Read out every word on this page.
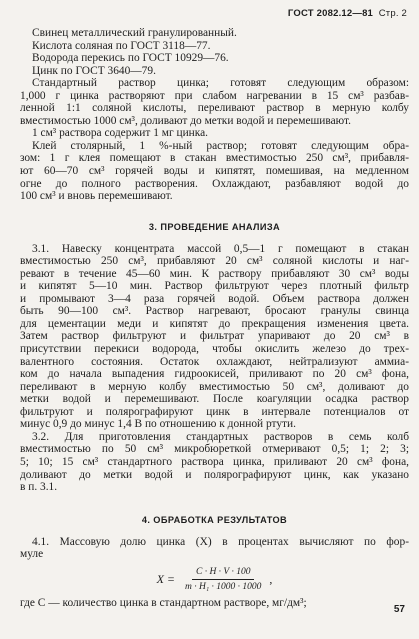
ГОСТ 2082.12—81 Стр. 2
Свинец металлический гранулированный.
Кислота соляная по ГОСТ 3118—77.
Водорода перекись по ГОСТ 10929—76.
Цинк по ГОСТ 3640—79.
Стандартный раствор цинка; готовят следующим образом:
1,000 г цинка растворяют при слабом нагревании в 15 см³ разбав-
ленной 1:1 соляной кислоты, переливают раствор в мерную колбу
вместимостью 1000 см³, доливают до метки водой и перемешивают.
1 см³ раствора содержит 1 мг цинка.
Клей столярный, 1 %-ный раствор; готовят следующим обра-
зом: 1 г клея помещают в стакан вместимостью 250 см³, прибавля-
ют 60—70 см³ горячей воды и кипятят, помешивая, на медленном
огне до полного растворения. Охлаждают, разбавляют водой до
100 см³ и вновь перемешивают.
3. ПРОВЕДЕНИЕ АНАЛИЗА
3.1. Навеску концентрата массой 0,5—1 г помещают в стакан
вместимостью 250 см³, прибавляют 20 см³ соляной кислоты и наг-
ревают в течение 45—60 мин. К раствору прибавляют 30 см³ воды
и кипятят 5—10 мин. Раствор фильтруют через плотный фильтр
и промывают 3—4 раза горячей водой. Объем раствора должен
быть 90—100 см³. Раствор нагревают, бросают гранулы свинца
для цементации меди и кипятят до прекращения изменения цвета.
Затем раствор фильтруют и фильтрат упаривают до 20 см³ в
присутствии перекиси водорода, чтобы окислить железо до трех-
валентного состояния. Остаток охлаждают, нейтрализуют аммиа-
ком до начала выпадения гидроокисей, приливают по 20 см³ фона,
переливают в мерную колбу вместимостью 50 см³, доливают до
метки водой и перемешивают. После коагуляции осадка раствор
фильтруют и полярографируют цинк в интервале потенциалов от
минус 0,9 до минус 1,4 В по отношению к донной ртути.
3.2. Для приготовления стандартных растворов в семь колб
вместимостью по 50 см³ микробюреткой отмеривают 0,5; 1; 2; 3;
5; 10; 15 см³ стандартного раствора цинка, приливают 20 см³ фона,
доливают до метки водой и полярографируют цинк, как указано
в п. 3.1.
4. ОБРАБОТКА РЕЗУЛЬТАТОВ
4.1. Массовую долю цинка (X) в процентах вычисляют по фор-
муле
$X = \frac{C \cdot H \cdot V \cdot 100}{\text{m · H₁ · 1000 · 1000}}$ ,
где C — количество цинка в стандартном растворе, мг/дм³;
57
